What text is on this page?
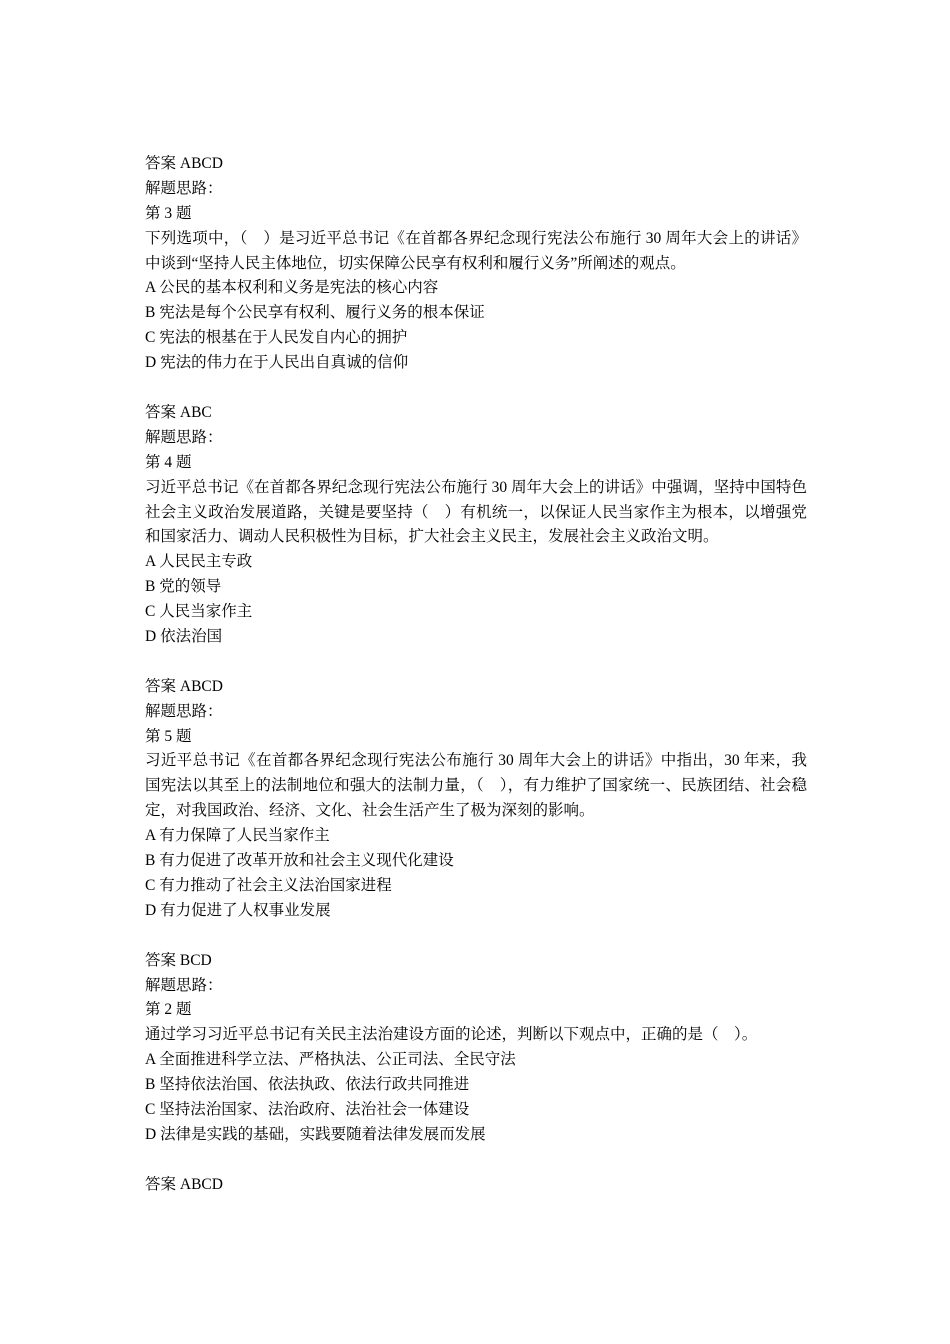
答案 ABCD
解题思路：
第 3 题
下列选项中，（　）是习近平总书记《在首都各界纪念现行宪法公布施行 30 周年大会上的讲话》中谈到“坚持人民主体地位，切实保障公民享有权利和履行义务”所阐述的观点。
A 公民的基本权利和义务是宪法的核心内容
B 宪法是每个公民享有权利、履行义务的根本保证
C 宪法的根基在于人民发自内心的拥护
D 宪法的伟力在于人民出自真诚的信仰
答案 ABC
解题思路：
第 4 题
习近平总书记《在首都各界纪念现行宪法公布施行 30 周年大会上的讲话》中强调，坚持中国特色社会主义政治发展道路，关键是要坚持（　）有机统一，以保证人民当家作主为根本，以增强党和国家活力、调动人民积极性为目标，扩大社会主义民主，发展社会主义政治文明。
A 人民民主专政
B 党的领导
C 人民当家作主
D 依法治国
答案 ABCD
解题思路：
第 5 题
习近平总书记《在首都各界纪念现行宪法公布施行 30 周年大会上的讲话》中指出，30 年来，我国宪法以其至上的法制地位和强大的法制力量，（　），有力维护了国家统一、民族团结、社会稳定，对我国政治、经济、文化、社会生活产生了极为深刻的影响。
A 有力保障了人民当家作主
B 有力促进了改革开放和社会主义现代化建设
C 有力推动了社会主义法治国家进程
D 有力促进了人权事业发展
答案 BCD
解题思路：
第 2 题
通过学习习近平总书记有关民主法治建设方面的论述，判断以下观点中，正确的是（　）。
A 全面推进科学立法、严格执法、公正司法、全民守法
B 坚持依法治国、依法执政、依法行政共同推进
C 坚持法治国家、法治政府、法治社会一体建设
D 法律是实践的基础，实践要随着法律发展而发展
答案 ABCD
